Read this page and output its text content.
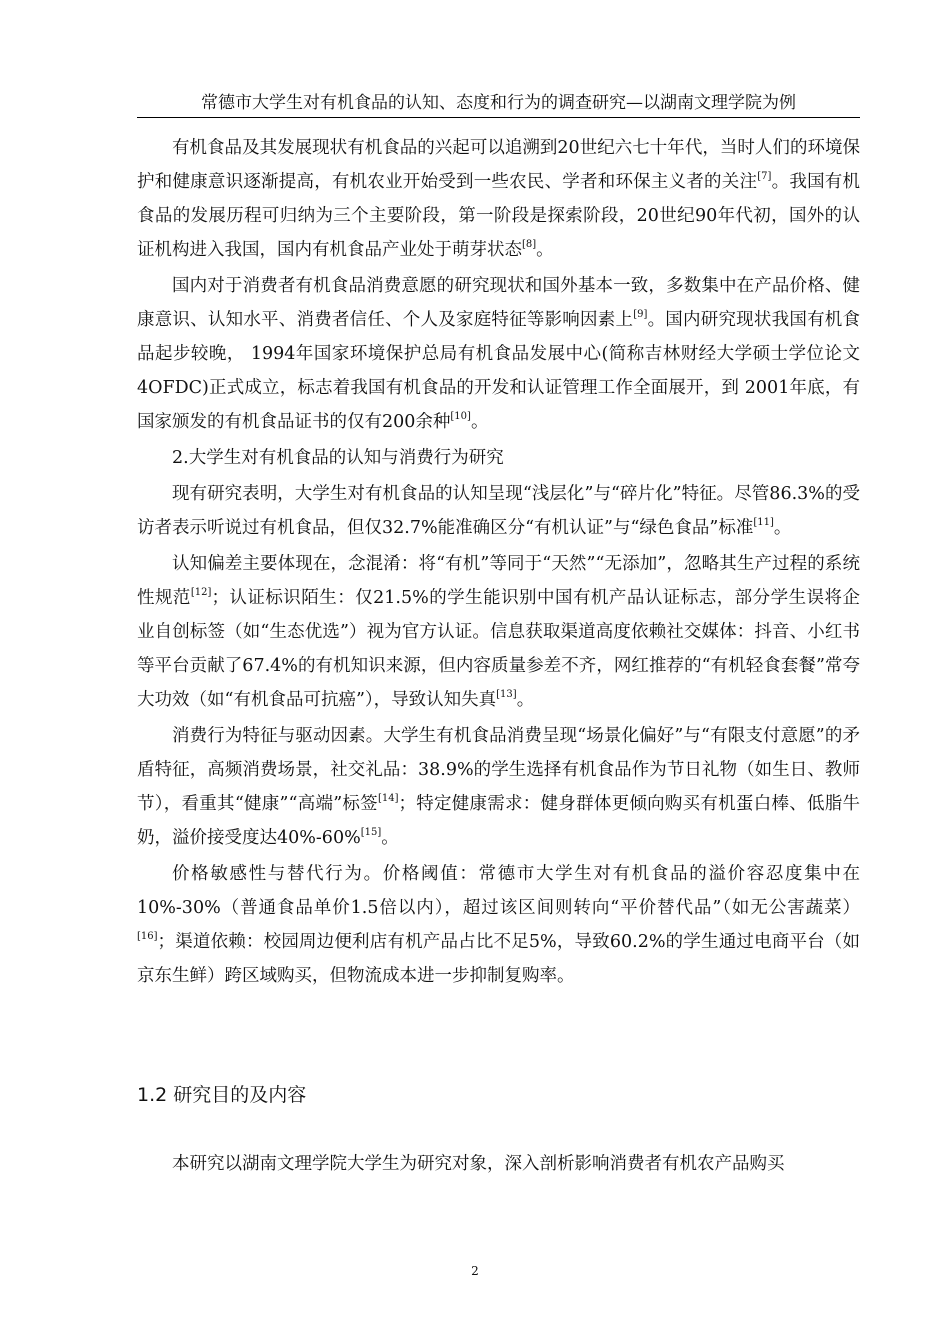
常德市大学生对有机食品的认知、态度和行为的调查研究—以湖南文理学院为例

有机食品及其发展现状有机食品的兴起可以追溯到20世纪六七十年代，当时人们的环境保护和健康意识逐渐提高，有机农业开始受到一些农民、学者和环保主义者的关注[7]。我国有机食品的发展历程可归纳为三个主要阶段，第一阶段是探索阶段，20世纪90年代初，国外的认证机构进入我国，国内有机食品产业处于萌芽状态[8]。

国内对于消费者有机食品消费意愿的研究现状和国外基本一致，多数集中在产品价格、健康意识、认知水平、消费者信任、个人及家庭特征等影响因素上[9]。国内研究现状我国有机食品起步较晚， 1994年国家环境保护总局有机食品发展中心(简称吉林财经大学硕士学位论文4OFDC)正式成立，标志着我国有机食品的开发和认证管理工作全面展开，到 2001年底，有国家颁发的有机食品证书的仅有200余种[10]。

2.大学生对有机食品的认知与消费行为研究

现有研究表明，大学生对有机食品的认知呈现“浅层化”与“碎片化”特征。尽管86.3%的受访者表示听说过有机食品，但仅32.7%能准确区分“有机认证”与“绿色食品”标准[11]。

认知偏差主要体现在，念混淆：将“有机”等同于“天然”“无添加”，忽略其生产过程的系统性规范[12]；认证标识陌生：仅21.5%的学生能识别中国有机产品认证标志，部分学生误将企业自创标签（如“生态优选”）视为官方认证。信息获取渠道高度依赖社交媒体：抖音、小红书等平台贡献了67.4%的有机知识来源，但内容质量参差不齐，网红推荐的“有机轻食套餐”常夸大功效（如“有机食品可抗癌”），导致认知失真[13]。

消费行为特征与驱动因素。大学生有机食品消费呈现“场景化偏好”与“有限支付意愿”的矛盾特征，高频消费场景，社交礼品：38.9%的学生选择有机食品作为节日礼物（如生日、教师节），看重其“健康”“高端”标签[14]；特定健康需求：健身群体更倾向购买有机蛋白棒、低脂牛奶，溢价接受度达40%-60%[15]。

价格敏感性与替代行为。价格阈值：常德市大学生对有机食品的溢价容忍度集中在10%-30%（普通食品单价1.5倍以内），超过该区间则转向“平价替代品”（如无公害蔬菜）[16]；渠道依赖：校园周边便利店有机产品占比不足5%，导致60.2%的学生通过电商平台（如京东生鲜）跨区域购买，但物流成本进一步抑制复购率。

1.2 研究目的及内容

本研究以湖南文理学院大学生为研究对象，深入剖析影响消费者有机农产品购买

2
